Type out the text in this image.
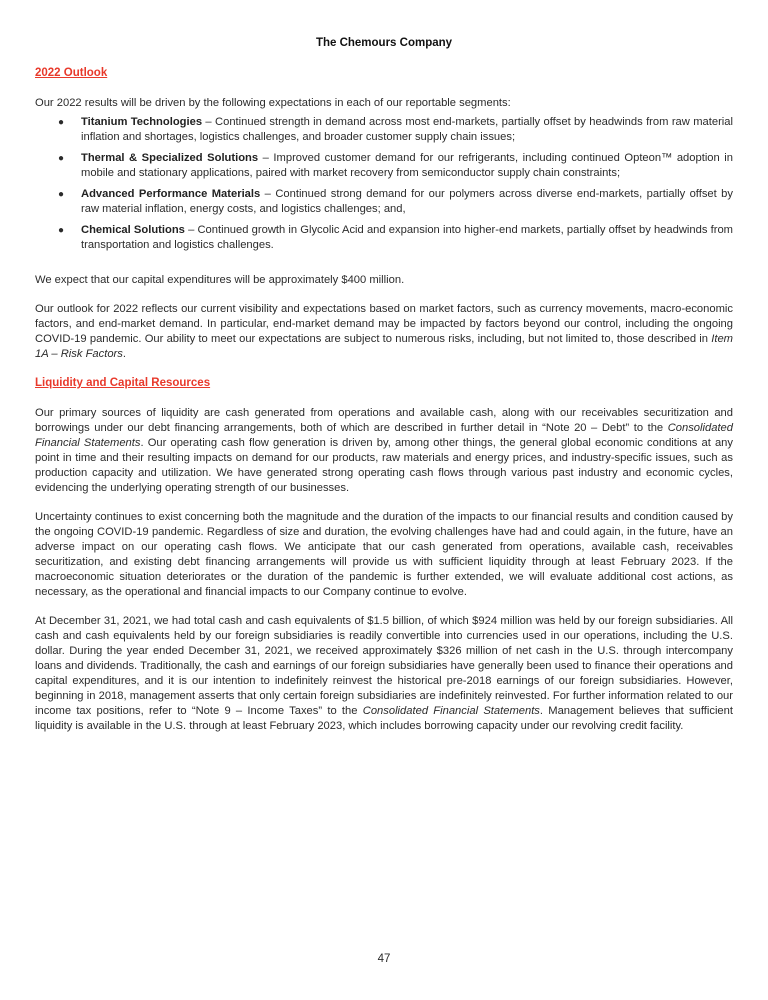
The Chemours Company
2022 Outlook

Our 2022 results will be driven by the following expectations in each of our reportable segments:

● Titanium Technologies – Continued strength in demand across most end-markets, partially offset by headwinds from raw material inflation and shortages, logistics challenges, and broader customer supply chain issues;
● Thermal & Specialized Solutions – Improved customer demand for our refrigerants, including continued Opteon™ adoption in mobile and stationary applications, paired with market recovery from semiconductor supply chain constraints;
● Advanced Performance Materials – Continued strong demand for our polymers across diverse end-markets, partially offset by raw material inflation, energy costs, and logistics challenges; and,
● Chemical Solutions – Continued growth in Glycolic Acid and expansion into higher-end markets, partially offset by headwinds from transportation and logistics challenges.

We expect that our capital expenditures will be approximately $400 million.

Our outlook for 2022 reflects our current visibility and expectations based on market factors, such as currency movements, macro-economic factors, and end-market demand. In particular, end-market demand may be impacted by factors beyond our control, including the ongoing COVID-19 pandemic. Our ability to meet our expectations are subject to numerous risks, including, but not limited to, those described in Item 1A – Risk Factors.

Liquidity and Capital Resources

Our primary sources of liquidity are cash generated from operations and available cash, along with our receivables securitization and borrowings under our debt financing arrangements, both of which are described in further detail in “Note 20 – Debt” to the Consolidated Financial Statements. Our operating cash flow generation is driven by, among other things, the general global economic conditions at any point in time and their resulting impacts on demand for our products, raw materials and energy prices, and industry-specific issues, such as production capacity and utilization. We have generated strong operating cash flows through various past industry and economic cycles, evidencing the underlying operating strength of our businesses.

Uncertainty continues to exist concerning both the magnitude and the duration of the impacts to our financial results and condition caused by the ongoing COVID-19 pandemic. Regardless of size and duration, the evolving challenges have had and could again, in the future, have an adverse impact on our operating cash flows. We anticipate that our cash generated from operations, available cash, receivables securitization, and existing debt financing arrangements will provide us with sufficient liquidity through at least February 2023. If the macroeconomic situation deteriorates or the duration of the pandemic is further extended, we will evaluate additional cost actions, as necessary, as the operational and financial impacts to our Company continue to evolve.

At December 31, 2021, we had total cash and cash equivalents of $1.5 billion, of which $924 million was held by our foreign subsidiaries. All cash and cash equivalents held by our foreign subsidiaries is readily convertible into currencies used in our operations, including the U.S. dollar. During the year ended December 31, 2021, we received approximately $326 million of net cash in the U.S. through intercompany loans and dividends. Traditionally, the cash and earnings of our foreign subsidiaries have generally been used to finance their operations and capital expenditures, and it is our intention to indefinitely reinvest the historical pre-2018 earnings of our foreign subsidiaries. However, beginning in 2018, management asserts that only certain foreign subsidiaries are indefinitely reinvested. For further information related to our income tax positions, refer to “Note 9 – Income Taxes” to the Consolidated Financial Statements. Management believes that sufficient liquidity is available in the U.S. through at least February 2023, which includes borrowing capacity under our revolving credit facility.

47
